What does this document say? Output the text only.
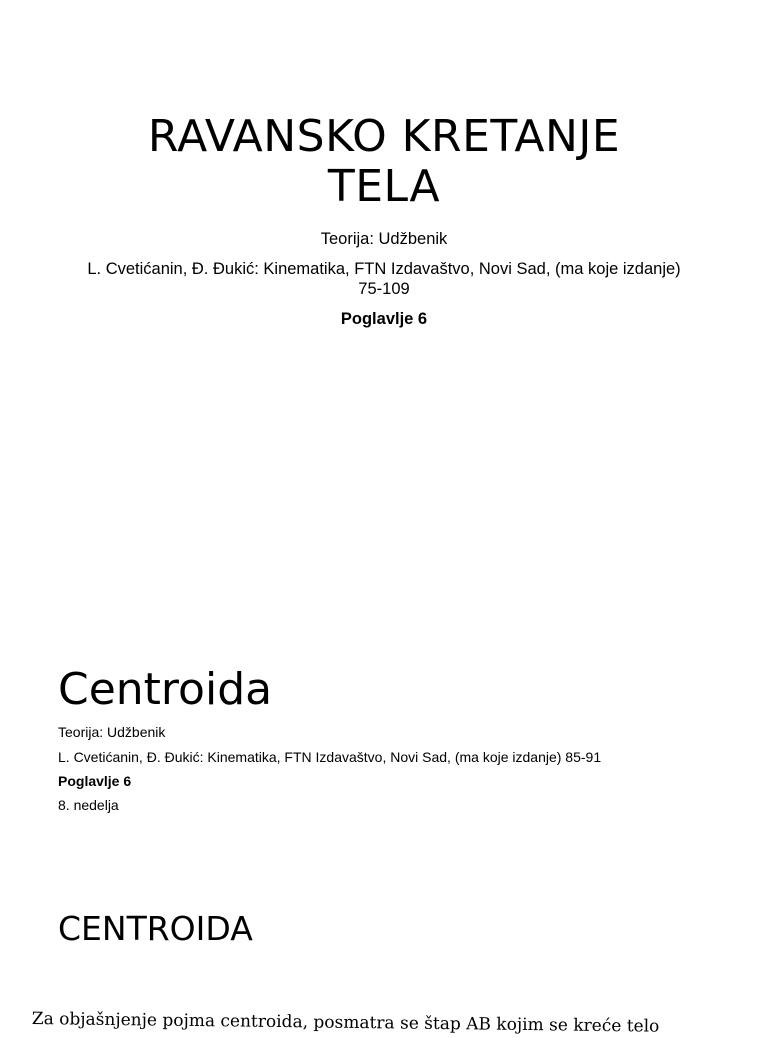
RAVANSKO KRETANJE
TELA
Teorija: Udžbenik
L. Cvetićanin, Đ. Đukić: Kinematika, FTN Izdavaštvo, Novi Sad, (ma koje izdanje) 75-109
Poglavlje 6
Centroida
Teorija: Udžbenik
L. Cvetićanin, Đ. Đukić: Kinematika, FTN Izdavaštvo, Novi Sad, (ma koje izdanje) 85-91
Poglavlje 6
8. nedelja
CENTROIDA
Za objašnjenje pojma centroida, posmatra se štap AB kojim se kreće telo
